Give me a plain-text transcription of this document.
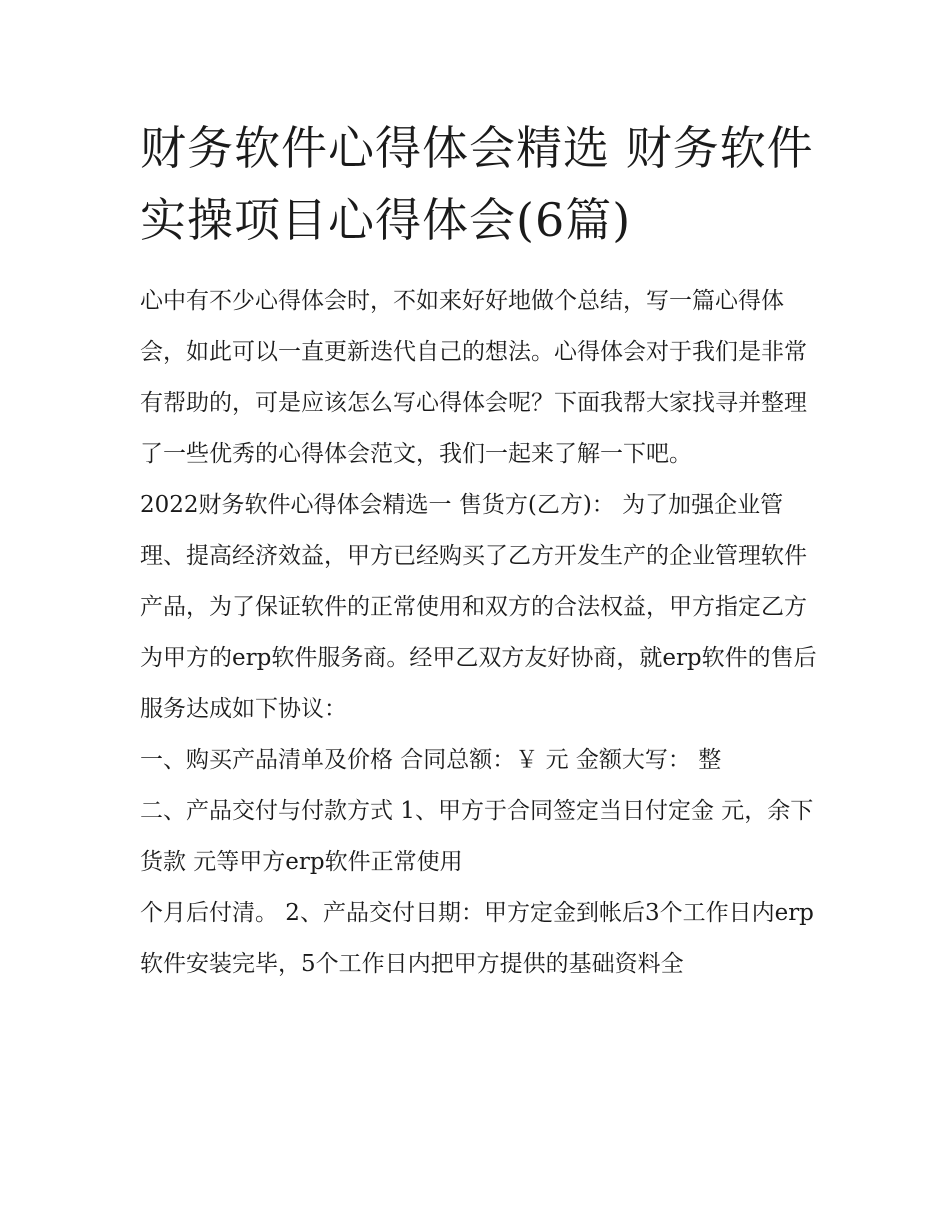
财务软件心得体会精选 财务软件实操项目心得体会(6篇)

心中有不少心得体会时，不如来好好地做个总结，写一篇心得体会，如此可以一直更新迭代自己的想法。心得体会对于我们是非常有帮助的，可是应该怎么写心得体会呢？下面我帮大家找寻并整理了一些优秀的心得体会范文，我们一起来了解一下吧。

2022财务软件心得体会精选一 售货方(乙方)： 为了加强企业管理、提高经济效益，甲方已经购买了乙方开发生产的企业管理软件

产品，为了保证软件的正常使用和双方的合法权益，甲方指定乙方为甲方的erp软件服务商。经甲乙双方友好协商，就erp软件的售后服务达成如下协议：

一、购买产品清单及价格 合同总额：￥ 元 金额大写： 整

二、产品交付与付款方式 1、甲方于合同签定当日付定金 元，余下货款 元等甲方erp软件正常使用

个月后付清。 2、产品交付日期：甲方定金到帐后3个工作日内erp软件安装完毕，5个工作日内把甲方提供的基础资料全
